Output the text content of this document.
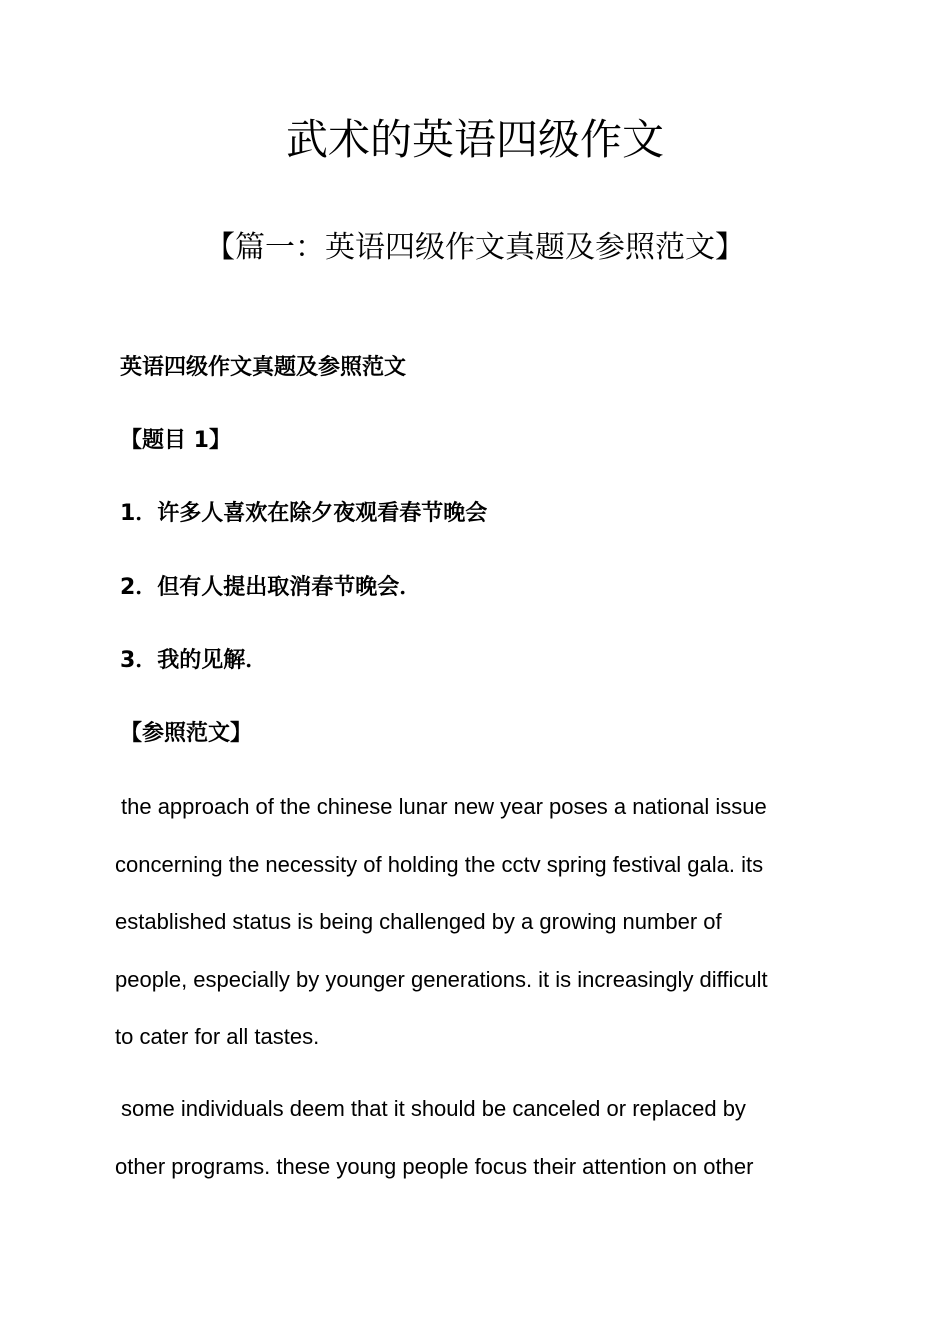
武术的英语四级作文
【篇一：英语四级作文真题及参照范文】

英语四级作文真题及参照范文

【题目 1】

1．许多人喜欢在除夕夜观看春节晚会

2．但有人提出取消春节晚会．

3．我的见解．

【参照范文】

the approach of the chinese lunar new year poses a national issue
concerning the necessity of holding the cctv spring festival gala. its
established status is being challenged by a growing number of
people, especially by younger generations. it is increasingly difficult
to cater for all tastes.
some individuals deem that it should be canceled or replaced by
other programs. these young people focus their attention on other
